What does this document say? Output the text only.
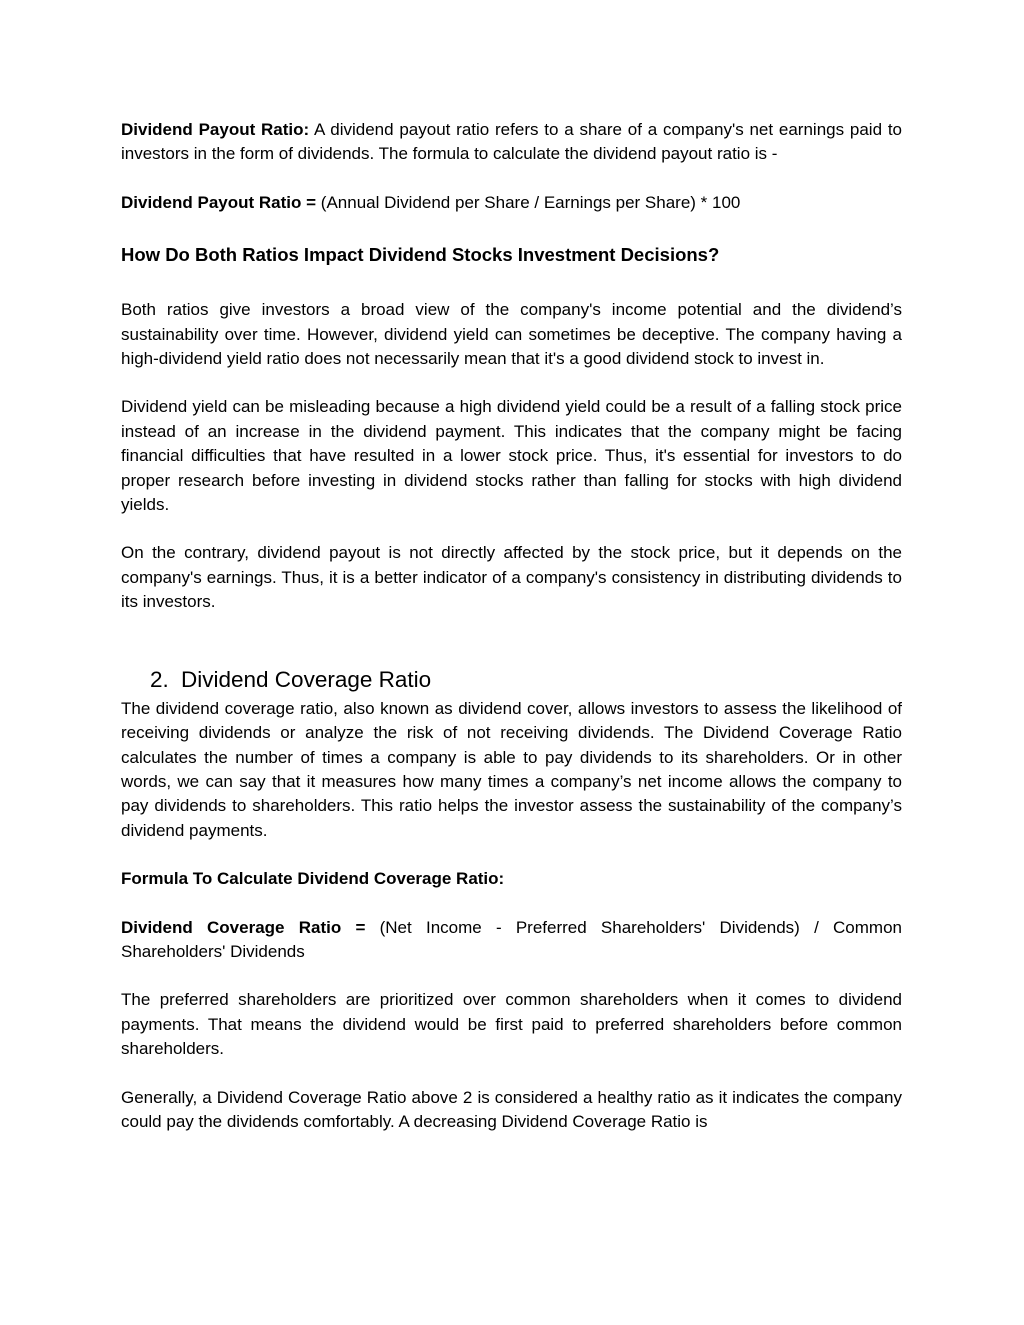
Dividend Payout Ratio: A dividend payout ratio refers to a share of a company's net earnings paid to investors in the form of dividends. The formula to calculate the dividend payout ratio is -

Dividend Payout Ratio = (Annual Dividend per Share / Earnings per Share) * 100

How Do Both Ratios Impact Dividend Stocks Investment Decisions?

Both ratios give investors a broad view of the company's income potential and the dividend’s sustainability over time. However, dividend yield can sometimes be deceptive. The company having a high-dividend yield ratio does not necessarily mean that it's a good dividend stock to invest in.

Dividend yield can be misleading because a high dividend yield could be a result of a falling stock price instead of an increase in the dividend payment. This indicates that the company might be facing financial difficulties that have resulted in a lower stock price. Thus, it's essential for investors to do proper research before investing in dividend stocks rather than falling for stocks with high dividend yields.

On the contrary, dividend payout is not directly affected by the stock price, but it depends on the company's earnings. Thus, it is a better indicator of a company's consistency in distributing dividends to its investors.

2. Dividend Coverage Ratio

The dividend coverage ratio, also known as dividend cover, allows investors to assess the likelihood of receiving dividends or analyze the risk of not receiving dividends. The Dividend Coverage Ratio calculates the number of times a company is able to pay dividends to its shareholders. Or in other words, we can say that it measures how many times a company’s net income allows the company to pay dividends to shareholders. This ratio helps the investor assess the sustainability of the company’s dividend payments.

Formula To Calculate Dividend Coverage Ratio:

Dividend Coverage Ratio = (Net Income - Preferred Shareholders' Dividends) / Common Shareholders' Dividends

The preferred shareholders are prioritized over common shareholders when it comes to dividend payments. That means the dividend would be first paid to preferred shareholders before common shareholders.

Generally, a Dividend Coverage Ratio above 2 is considered a healthy ratio as it indicates the company could pay the dividends comfortably. A decreasing Dividend Coverage Ratio is
